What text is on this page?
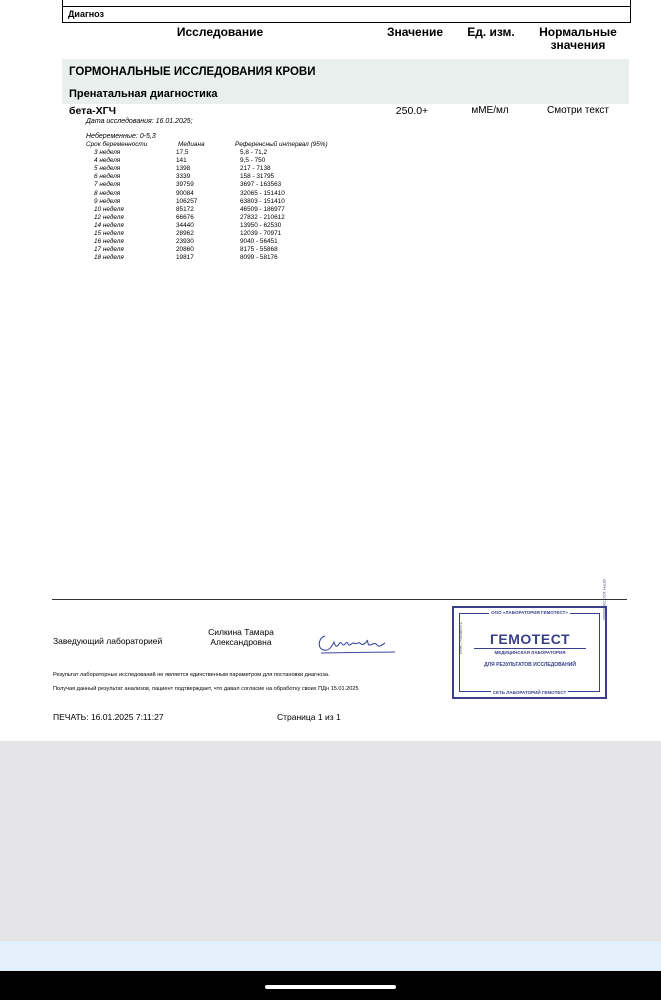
Диагноз
Исследование	Значение	Ед. изм.	Нормальные значения
ГОРМОНАЛЬНЫЕ ИССЛЕДОВАНИЯ КРОВИ
Пренатальная диагностика
бета-ХГЧ	250.0+	мМЕ/мл	Смотри текст
Дата исследования: 16.01.2025;
Небеременные: 0-5,3
Срок беременности	Медиана	Референсный интервал (95%)
3 неделя	17,5	5,8 - 71,2
4 неделя	141	9,5 - 750
5 неделя	1398	217 - 7138
6 неделя	3339	158 - 31795
7 неделя	39759	3697 - 163563
8 неделя	90084	32065 - 151410
9 неделя	106257	63803 - 151410
10 неделя	85172	46509 - 186977
12 неделя	66676	27832 - 210612
14 неделя	34440	13950 - 62530
15 неделя	28962	12039 - 70971
16 неделя	23930	9040 - 56451
17 неделя	20860	8175 - 55868
18 неделя	19817	8099 - 58176
Заведующий лабораторией
Силкина Тамара Александровна
Результат лабораторных исследований не является единственным параметром для постановки диагноза.
Получая данный результат анализов, пациент подтверждает, что давал согласие на обработку своих ПДн 15.01.2025
ПЕЧАТЬ: 16.01.2025 7:11:27	Страница 1 из 1
ООО «ЛАБОРАТОРИЯ ГЕМОТЕСТ»
ГЕМОТЕСТ
МЕДИЦИНСКАЯ ЛАБОРАТОРИЯ
ДЛЯ РЕЗУЛЬТАТОВ ИССЛЕДОВАНИЙ
СЕТЬ ЛАБОРАТОРИЙ ГЕМОТЕСТ
ИНН 7709385571
ОГРН 1027709005842
